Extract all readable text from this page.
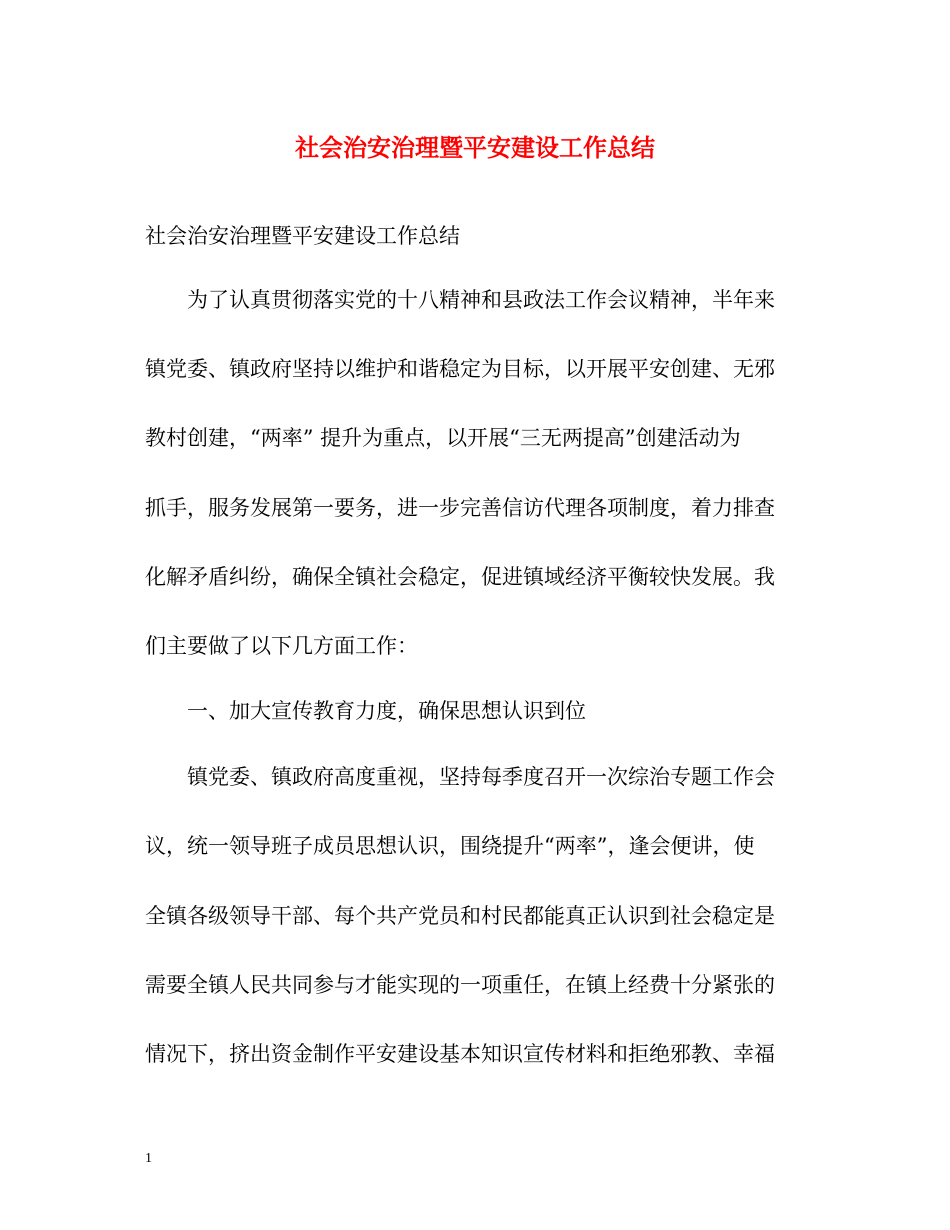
社会治安治理暨平安建设工作总结
社会治安治理暨平安建设工作总结
为了认真贯彻落实党的十八精神和县政法工作会议精神，半年来
镇党委、镇政府坚持以维护和谐稳定为目标，以开展平安创建、无邪
教村创建，“两率” 提升为重点，以开展“三无两提高”创建活动为
抓手，服务发展第一要务，进一步完善信访代理各项制度，着力排查
化解矛盾纠纷，确保全镇社会稳定，促进镇域经济平衡较快发展。我
们主要做了以下几方面工作：
一、加大宣传教育力度，确保思想认识到位
镇党委、镇政府高度重视，坚持每季度召开一次综治专题工作会
议，统一领导班子成员思想认识，围绕提升“两率”，逢会便讲，使
全镇各级领导干部、每个共产党员和村民都能真正认识到社会稳定是
需要全镇人民共同参与才能实现的一项重任，在镇上经费十分紧张的
情况下，挤出资金制作平安建设基本知识宣传材料和拒绝邪教、幸福
1
